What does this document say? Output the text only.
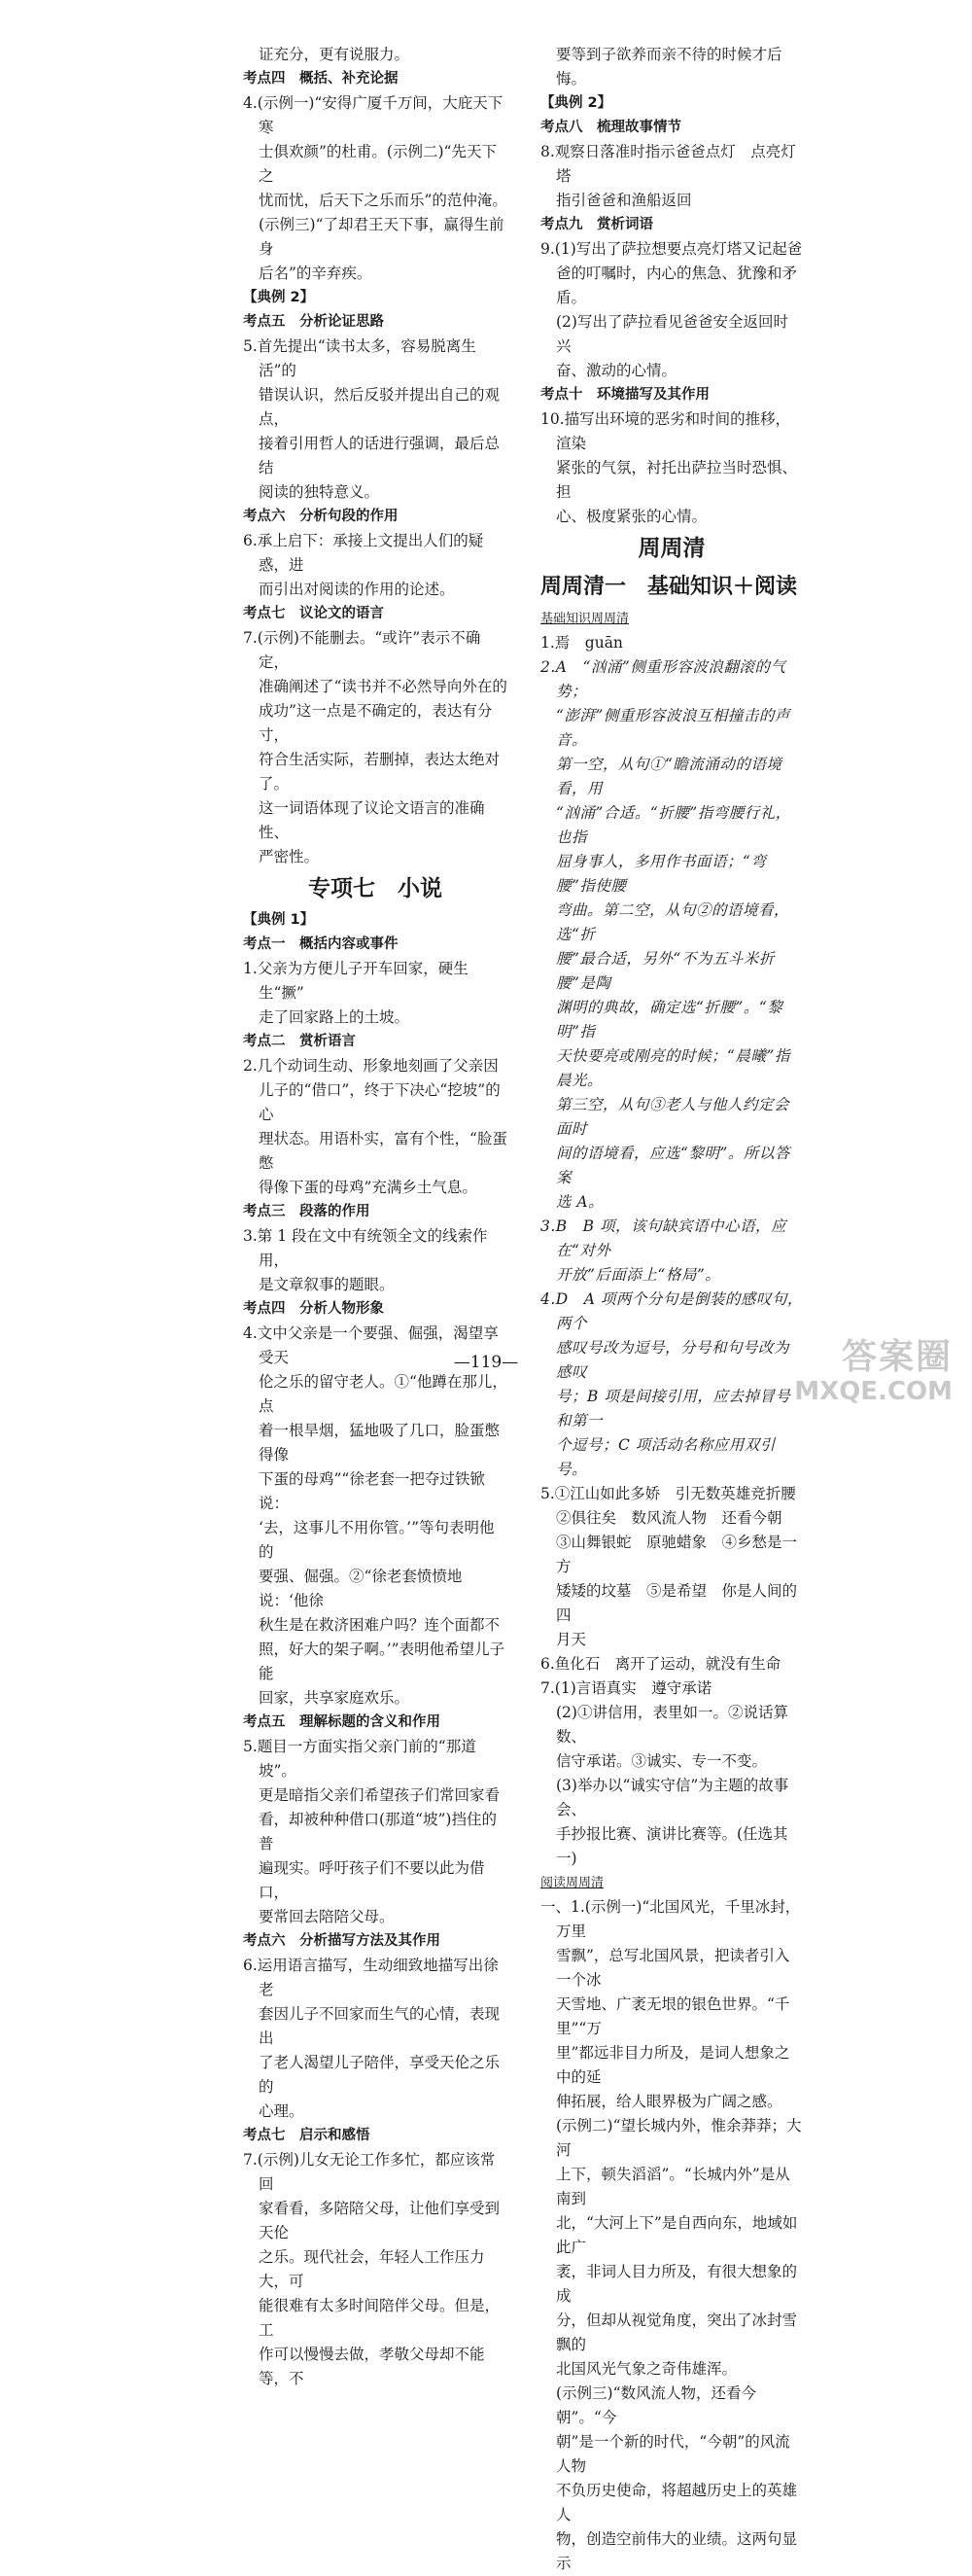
证充分，更有说服力。
考点四　概括、补充论据
4.(示例一)“安得广厦千万间，大庇天下寒
士俱欢颜”的杜甫。(示例二)“先天下之
忧而忧，后天下之乐而乐”的范仲淹。
(示例三)“了却君王天下事，赢得生前身
后名”的辛弃疾。
【典例 2】
考点五　分析论证思路
5.首先提出“读书太多，容易脱离生活”的
错误认识，然后反驳并提出自己的观点，
接着引用哲人的话进行强调，最后总结
阅读的独特意义。
考点六　分析句段的作用
6.承上启下：承接上文提出人们的疑惑，进
而引出对阅读的作用的论述。
考点七　议论文的语言
7.(示例)不能删去。“或许”表示不确定，
准确阐述了“读书并不必然导向外在的
成功”这一点是不确定的，表达有分寸，
符合生活实际，若删掉，表达太绝对了。
这一词语体现了议论文语言的准确性、
严密性。
专项七　小说
【典例 1】
考点一　概括内容或事件
1.父亲为方便儿子开车回家，硬生生“撅”
走了回家路上的土坡。
考点二　赏析语言
2.几个动词生动、形象地刻画了父亲因
儿子的“借口”，终于下决心“挖坡”的心
理状态。用语朴实，富有个性，“脸蛋憋
得像下蛋的母鸡”充满乡土气息。
考点三　段落的作用
3.第 1 段在文中有统领全文的线索作用，
是文章叙事的题眼。
考点四　分析人物形象
4.文中父亲是一个要强、倔强，渴望享受天
伦之乐的留守老人。①“他蹲在那儿，点
着一根旱烟，猛地吸了几口，脸蛋憋得像
下蛋的母鸡”“徐老套一把夺过铁锨说：
‘去，这事儿不用你管。’”等句表明他的
要强、倔强。②“徐老套愤愤地说：‘他徐
秋生是在救济困难户吗？连个面都不
照，好大的架子啊。’”表明他希望儿子能
回家，共享家庭欢乐。
考点五　理解标题的含义和作用
5.题目一方面实指父亲门前的“那道坡”。
更是暗指父亲们希望孩子们常回家看
看，却被种种借口(那道“坡”)挡住的普
遍现实。呼吁孩子们不要以此为借口，
要常回去陪陪父母。
考点六　分析描写方法及其作用
6.运用语言描写，生动细致地描写出徐老
套因儿子不回家而生气的心情，表现出
了老人渴望儿子陪伴，享受天伦之乐的
心理。
考点七　启示和感悟
7.(示例)儿女无论工作多忙，都应该常回
家看看，多陪陪父母，让他们享受到天伦
之乐。现代社会，年轻人工作压力大，可
能很难有太多时间陪伴父母。但是，工
作可以慢慢去做，孝敬父母却不能等，不
要等到子欲养而亲不待的时候才后悔。
【典例 2】
考点八　梳理故事情节
8.观察日落准时指示爸爸点灯　点亮灯塔
指引爸爸和渔船返回
考点九　赏析词语
9.(1)写出了萨拉想要点亮灯塔又记起爸
爸的叮嘱时，内心的焦急、犹豫和矛盾。
(2)写出了萨拉看见爸爸安全返回时兴
奋、激动的心情。
考点十　环境描写及其作用
10.描写出环境的恶劣和时间的推移，渲染
紧张的气氛，衬托出萨拉当时恐惧、担
心、极度紧张的心情。
周周清
周周清一　基础知识＋阅读
基础知识周周清
1.焉　guān
2.A　“汹涌”侧重形容波浪翻滚的气势；
“澎湃”侧重形容波浪互相撞击的声音。
第一空，从句①“瞻流涌动的语境看，用
“汹涌”合适。“折腰”指弯腰行礼，也指
屈身事人，多用作书面语；“弯腰”指使腰
弯曲。第二空，从句②的语境看，选“折
腰”最合适，另外“不为五斗米折腰”是陶
渊明的典故，确定选“折腰”。“黎明”指
天快要亮或刚亮的时候；“晨曦”指晨光。
第三空，从句③老人与他人约定会面时
间的语境看，应选“黎明”。所以答案
选 A。
3.B　B 项，该句缺宾语中心语，应在“对外
开放”后面添上“格局”。
4.D　A 项两个分句是倒装的感叹句，两个
感叹号改为逗号，分号和句号改为感叹
号；B 项是间接引用，应去掉冒号和第一
个逗号；C 项活动名称应用双引号。
5.①江山如此多娇　引无数英雄竞折腰
②俱往矣　数风流人物　还看今朝
③山舞银蛇　原驰蜡象　④乡愁是一方
矮矮的坟墓　⑤是希望　你是人间的四
月天
6.鱼化石　离开了运动，就没有生命
7.(1)言语真实　遵守承诺
(2)①讲信用，表里如一。②说话算数、
信守承诺。③诚实、专一不变。
(3)举办以“诚实守信”为主题的故事会、
手抄报比赛、演讲比赛等。(任选其一)
阅读周周清
一、1.(示例一)“北国风光，千里冰封，万里
雪飘”，总写北国风景，把读者引入一个冰
天雪地、广袤无垠的银色世界。“千里”“万
里”都远非目力所及，是词人想象之中的延
伸拓展，给人眼界极为广阔之感。
(示例二)“望长城内外，惟余莽莽；大河
上下，顿失滔滔”。“长城内外”是从南到
北，“大河上下”是自西向东，地域如此广
袤，非词人目力所及，有很大想象的成
分，但却从视觉角度，突出了冰封雪飘的
北国风光气象之奇伟雄浑。
(示例三)“数风流人物，还看今朝”。“今
朝”是一个新的时代，“今朝”的风流人物
不负历史使命，将超越历史上的英雄人
物，创造空前伟大的业绩。这两句显示
—119—	答案圈
MXQE.COM
